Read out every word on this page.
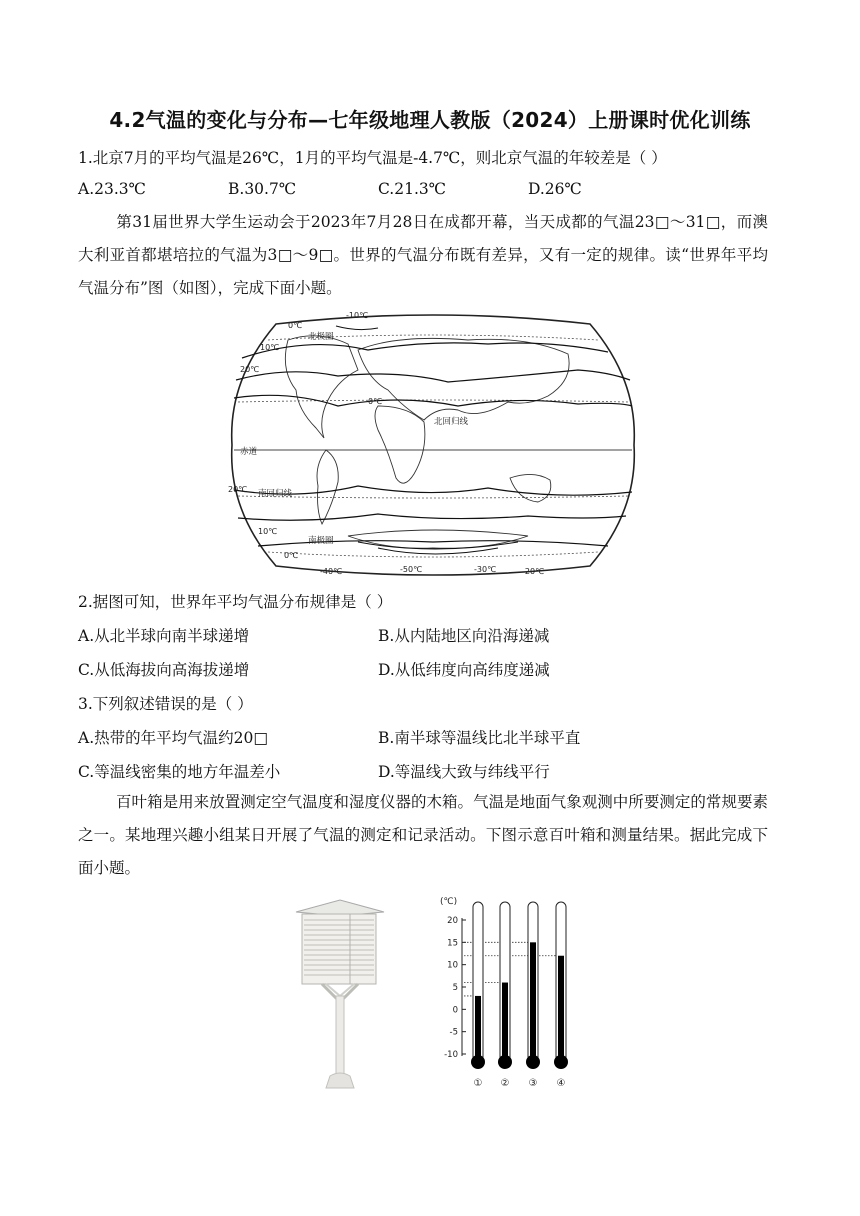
4.2气温的变化与分布—七年级地理人教版（2024）上册课时优化训练
1.北京7月的平均气温是26℃，1月的平均气温是-4.7℃，则北京气温的年较差是（ ）
A.23.3℃	B.30.7℃	C.21.3℃	D.26℃
第31届世界大学生运动会于2023年7月28日在成都开幕，当天成都的气温23□～31□，而澳大利亚首都堪培拉的气温为3□～9□。世界的气温分布既有差异，又有一定的规律。读“世界年平均气温分布”图（如图），完成下面小题。
北极圈
北回归线
赤道
南回归线
南极圈
0℃
10℃
20℃
20℃
10℃
0℃
-10℃
0℃
-40℃	-50℃	-30℃	-20℃
2.据图可知，世界年平均气温分布规律是（ ）
A.从北半球向南半球递增	B.从内陆地区向沿海递减
C.从低海拔向高海拔递增	D.从低纬度向高纬度递减
3.下列叙述错误的是（ ）
A.热带的年平均气温约20□	B.南半球等温线比北半球平直
C.等温线密集的地方年温差小	D.等温线大致与纬线平行
百叶箱是用来放置测定空气温度和湿度仪器的木箱。气温是地面气象观测中所要测定的常规要素之一。某地理兴趣小组某日开展了气温的测定和记录活动。下图示意百叶箱和测量结果。据此完成下面小题。
(℃)
20
15
10
5
0
-5
-10
① ② ③ ④
